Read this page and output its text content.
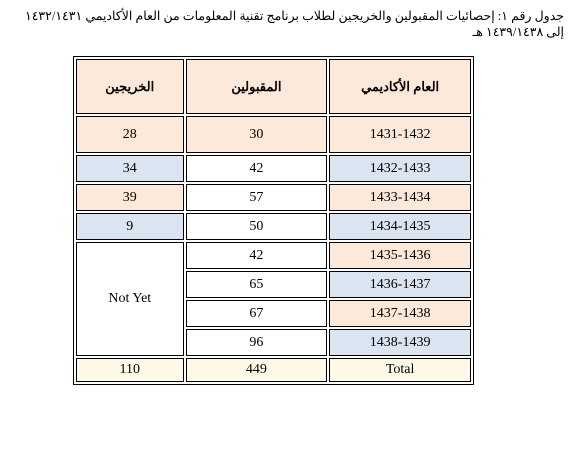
جدول رقم ١: إحصائيات المقبولين والخريجين لطلاب برنامج تقنية المعلومات من العام الأكاديمي ١٤٣٢/١٤٣١ إلى ١٤٣٩/١٤٣٨ هـ
الخريجين	المقبولين	العام الأكاديمي
28	30	1431-1432
34	42	1432-1433
39	57	1433-1434
9	50	1434-1435
Not Yet	42	1435-1436
	65	1436-1437
	67	1437-1438
	96	1438-1439
110	449	Total
